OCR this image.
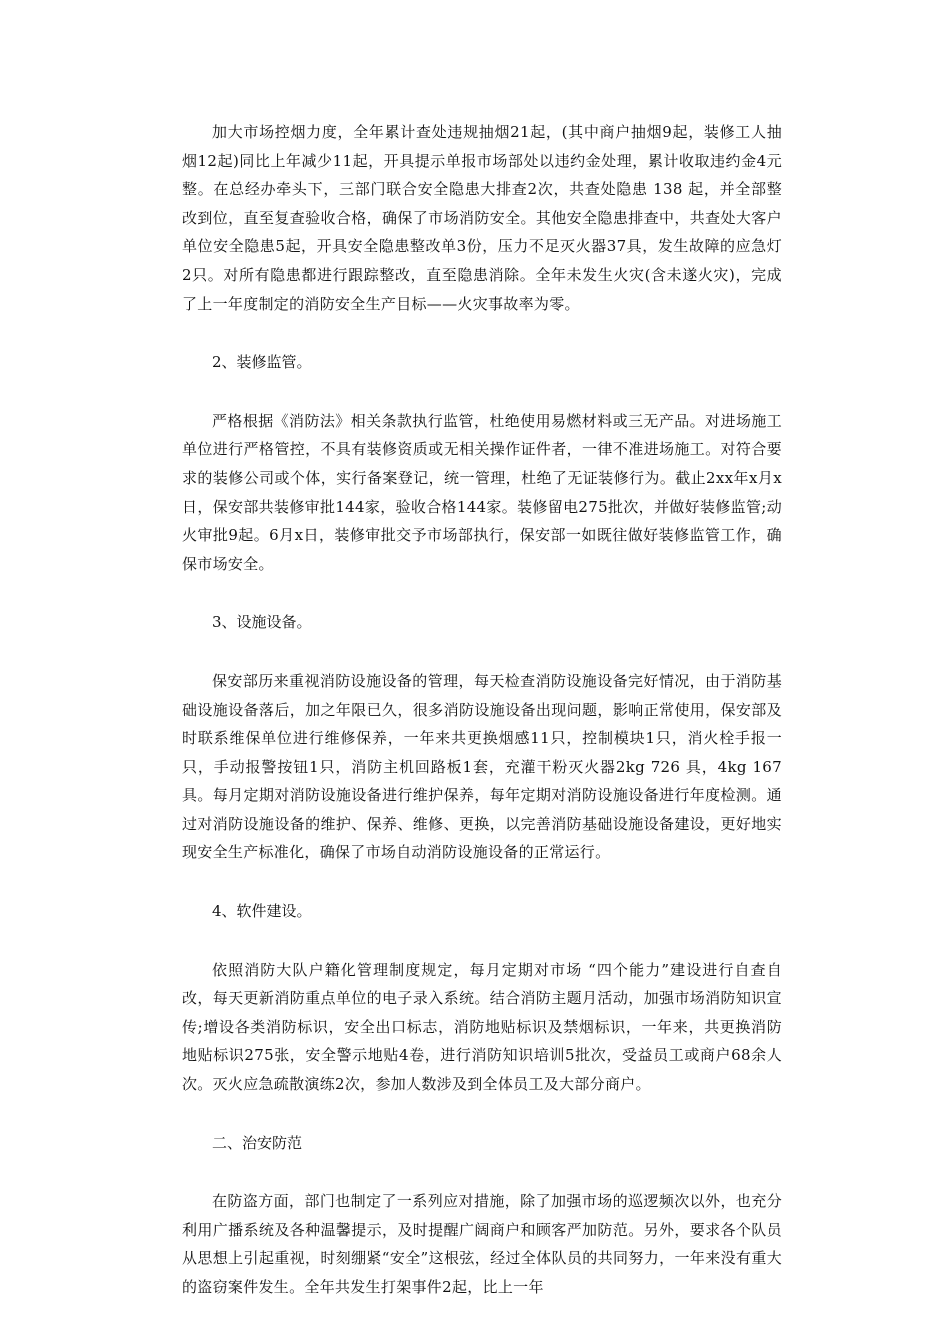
加大市场控烟力度，全年累计查处违规抽烟21起，(其中商户抽烟9起，装修工人抽烟12起)同比上年减少11起，开具提示单报市场部处以违约金处理，累计收取违约金4元整。在总经办牵头下，三部门联合安全隐患大排查2次，共查处隐患 138 起，并全部整改到位，直至复查验收合格，确保了市场消防安全。其他安全隐患排查中，共查处大客户单位安全隐患5起，开具安全隐患整改单3份，压力不足灭火器37具，发生故障的应急灯2只。对所有隐患都进行跟踪整改，直至隐患消除。全年未发生火灾(含未遂火灾)，完成了上一年度制定的消防安全生产目标——火灾事故率为零。

2、装修监管。

严格根据《消防法》相关条款执行监管，杜绝使用易燃材料或三无产品。对进场施工单位进行严格管控，不具有装修资质或无相关操作证件者，一律不准进场施工。对符合要求的装修公司或个体，实行备案登记，统一管理，杜绝了无证装修行为。截止2xx年x月x日，保安部共装修审批144家，验收合格144家。装修留电275批次，并做好装修监管;动火审批9起。6月x日，装修审批交予市场部执行，保安部一如既往做好装修监管工作，确保市场安全。

3、设施设备。

保安部历来重视消防设施设备的管理，每天检查消防设施设备完好情况，由于消防基础设施设备落后，加之年限已久，很多消防设施设备出现问题，影响正常使用，保安部及时联系维保单位进行维修保养，一年来共更换烟感11只，控制模块1只，消火栓手报一只，手动报警按钮1只，消防主机回路板1套，充灌干粉灭火器2kg 726 具，4kg 167 具。每月定期对消防设施设备进行维护保养，每年定期对消防设施设备进行年度检测。通过对消防设施设备的维护、保养、维修、更换，以完善消防基础设施设备建设，更好地实现安全生产标准化，确保了市场自动消防设施设备的正常运行。

4、软件建设。

依照消防大队户籍化管理制度规定，每月定期对市场 “四个能力”建设进行自查自改，每天更新消防重点单位的电子录入系统。结合消防主题月活动，加强市场消防知识宣传;增设各类消防标识，安全出口标志，消防地贴标识及禁烟标识，一年来，共更换消防地贴标识275张，安全警示地贴4卷，进行消防知识培训5批次，受益员工或商户68余人次。灭火应急疏散演练2次，参加人数涉及到全体员工及大部分商户。

二、治安防范

在防盗方面，部门也制定了一系列应对措施，除了加强市场的巡逻频次以外，也充分利用广播系统及各种温馨提示，及时提醒广阔商户和顾客严加防范。另外，要求各个队员从思想上引起重视，时刻绷紧“安全”这根弦，经过全体队员的共同努力，一年来没有重大的盗窃案件发生。全年共发生打架事件2起，比上一年
